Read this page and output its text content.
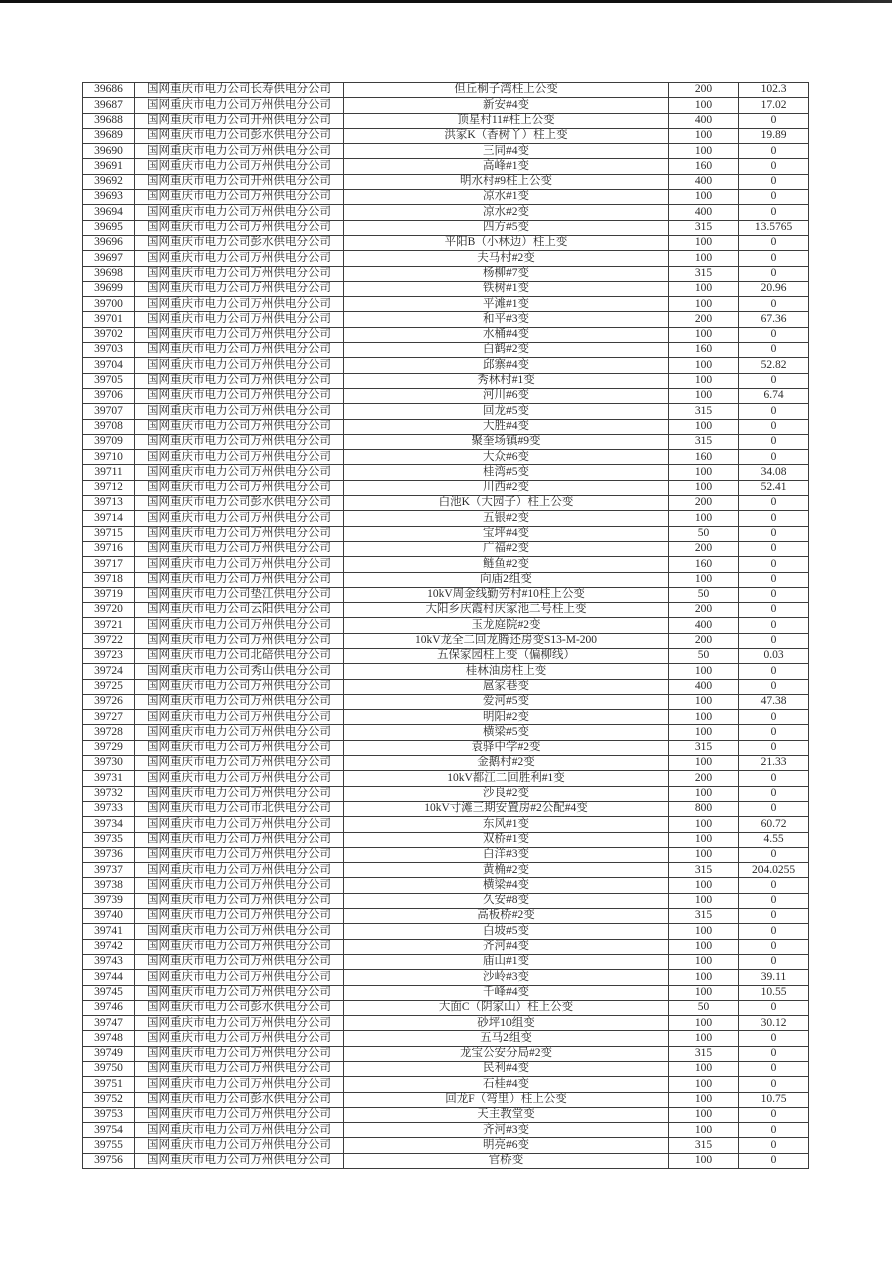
39686	国网重庆市电力公司长寿供电分公司	但丘桐子湾柱上公变	200	102.3
39687	国网重庆市电力公司万州供电分公司	新安#4变	100	17.02
39688	国网重庆市电力公司开州供电分公司	顶星村11#柱上公变	400	0
39689	国网重庆市电力公司彭水供电分公司	洪家K（香树丫）柱上变	100	19.89
39690	国网重庆市电力公司万州供电分公司	三同#4变	100	0
39691	国网重庆市电力公司万州供电分公司	高峰#1变	160	0
39692	国网重庆市电力公司开州供电分公司	明水村#9柱上公变	400	0
39693	国网重庆市电力公司万州供电分公司	凉水#1变	100	0
39694	国网重庆市电力公司万州供电分公司	凉水#2变	400	0
39695	国网重庆市电力公司万州供电分公司	四方#5变	315	13.5765
39696	国网重庆市电力公司彭水供电分公司	平阳B（小林边）柱上变	100	0
39697	国网重庆市电力公司万州供电分公司	夫马村#2变	100	0
39698	国网重庆市电力公司万州供电分公司	杨柳#7变	315	0
39699	国网重庆市电力公司万州供电分公司	铁树#1变	100	20.96
39700	国网重庆市电力公司万州供电分公司	平滩#1变	100	0
39701	国网重庆市电力公司万州供电分公司	和平#3变	200	67.36
39702	国网重庆市电力公司万州供电分公司	水桶#4变	100	0
39703	国网重庆市电力公司万州供电分公司	白鹤#2变	160	0
39704	国网重庆市电力公司万州供电分公司	邱寨#4变	100	52.82
39705	国网重庆市电力公司万州供电分公司	秀林村#1变	100	0
39706	国网重庆市电力公司万州供电分公司	河川#6变	100	6.74
39707	国网重庆市电力公司万州供电分公司	回龙#5变	315	0
39708	国网重庆市电力公司万州供电分公司	大胜#4变	100	0
39709	国网重庆市电力公司万州供电分公司	聚奎场镇#9变	315	0
39710	国网重庆市电力公司万州供电分公司	大众#6变	160	0
39711	国网重庆市电力公司万州供电分公司	桂湾#5变	100	34.08
39712	国网重庆市电力公司万州供电分公司	川西#2变	100	52.41
39713	国网重庆市电力公司彭水供电分公司	白池K（大园子）柱上公变	200	0
39714	国网重庆市电力公司万州供电分公司	五银#2变	100	0
39715	国网重庆市电力公司万州供电分公司	宝坪#4变	50	0
39716	国网重庆市电力公司万州供电分公司	广福#2变	200	0
39717	国网重庆市电力公司万州供电分公司	鲢鱼#2变	160	0
39718	国网重庆市电力公司万州供电分公司	向庙2组变	100	0
39719	国网重庆市电力公司垫江供电分公司	10kV周金线勤劳村#10柱上公变	50	0
39720	国网重庆市电力公司云阳供电分公司	大阳乡庆霞村庆家池二号柱上变	200	0
39721	国网重庆市电力公司万州供电分公司	玉龙庭院#2变	400	0
39722	国网重庆市电力公司万州供电分公司	10kV龙全二回龙腾还房变S13-M-200	200	0
39723	国网重庆市电力公司北碚供电分公司	五保家园柱上变（偏柳线）	50	0.03
39724	国网重庆市电力公司秀山供电分公司	桂林油房柱上变	100	0
39725	国网重庆市电力公司万州供电分公司	扈家巷变	400	0
39726	国网重庆市电力公司万州供电分公司	爱河#5变	100	47.38
39727	国网重庆市电力公司万州供电分公司	明阳#2变	100	0
39728	国网重庆市电力公司万州供电分公司	横梁#5变	100	0
39729	国网重庆市电力公司万州供电分公司	袁驿中学#2变	315	0
39730	国网重庆市电力公司万州供电分公司	金鹅村#2变	100	21.33
39731	国网重庆市电力公司万州供电分公司	10kV都江二回胜利#1变	200	0
39732	国网重庆市电力公司万州供电分公司	沙良#2变	100	0
39733	国网重庆市电力公司市北供电分公司	10kV寸滩三期安置房#2公配#4变	800	0
39734	国网重庆市电力公司万州供电分公司	东风#1变	100	60.72
39735	国网重庆市电力公司万州供电分公司	双桥#1变	100	4.55
39736	国网重庆市电力公司万州供电分公司	白洋#3变	100	0
39737	国网重庆市电力公司万州供电分公司	黄桷#2变	315	204.0255
39738	国网重庆市电力公司万州供电分公司	横梁#4变	100	0
39739	国网重庆市电力公司万州供电分公司	久安#8变	100	0
39740	国网重庆市电力公司万州供电分公司	高板桥#2变	315	0
39741	国网重庆市电力公司万州供电分公司	白坡#5变	100	0
39742	国网重庆市电力公司万州供电分公司	齐河#4变	100	0
39743	国网重庆市电力公司万州供电分公司	庙山#1变	100	0
39744	国网重庆市电力公司万州供电分公司	沙岭#3变	100	39.11
39745	国网重庆市电力公司万州供电分公司	千峰#4变	100	10.55
39746	国网重庆市电力公司彭水供电分公司	大面C（阴家山）柱上公变	50	0
39747	国网重庆市电力公司万州供电分公司	砂坪10组变	100	30.12
39748	国网重庆市电力公司万州供电分公司	五马2组变	100	0
39749	国网重庆市电力公司万州供电分公司	龙宝公安分局#2变	315	0
39750	国网重庆市电力公司万州供电分公司	民利#4变	100	0
39751	国网重庆市电力公司万州供电分公司	石桂#4变	100	0
39752	国网重庆市电力公司彭水供电分公司	回龙F（弯里）柱上公变	100	10.75
39753	国网重庆市电力公司万州供电分公司	天主教堂变	100	0
39754	国网重庆市电力公司万州供电分公司	齐河#3变	100	0
39755	国网重庆市电力公司万州供电分公司	明亮#6变	315	0
39756	国网重庆市电力公司万州供电分公司	官桥变	100	0
